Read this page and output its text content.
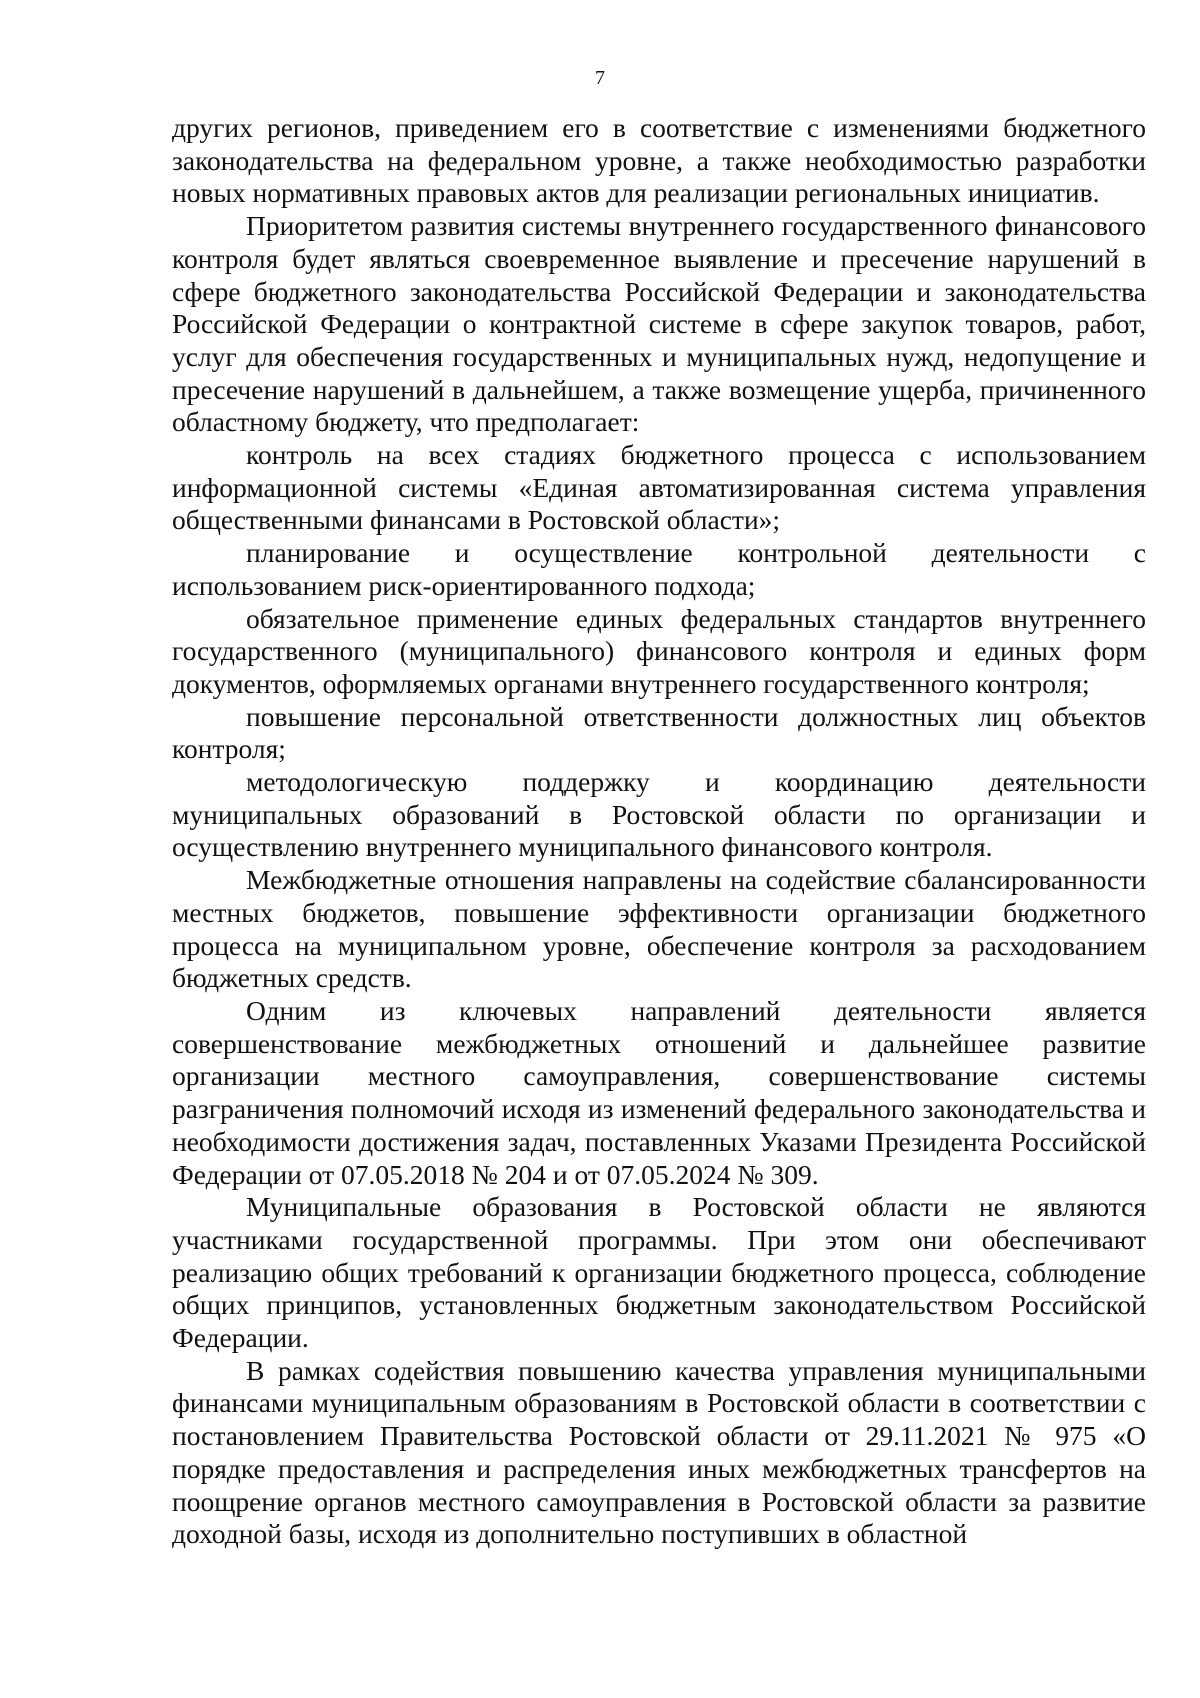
7

других регионов, приведением его в соответствие с изменениями бюджетного законодательства на федеральном уровне, а также необходимостью разработки новых нормативных правовых актов для реализации региональных инициатив.

Приоритетом развития системы внутреннего государственного финансового контроля будет являться своевременное выявление и пресечение нарушений в сфере бюджетного законодательства Российской Федерации и законодательства Российской Федерации о контрактной системе в сфере закупок товаров, работ, услуг для обеспечения государственных и муниципальных нужд, недопущение и пресечение нарушений в дальнейшем, а также возмещение ущерба, причиненного областному бюджету, что предполагает:

контроль на всех стадиях бюджетного процесса с использованием информационной системы «Единая автоматизированная система управления общественными финансами в Ростовской области»;

планирование и осуществление контрольной деятельности с использованием риск-ориентированного подхода;

обязательное применение единых федеральных стандартов внутреннего государственного (муниципального) финансового контроля и единых форм документов, оформляемых органами внутреннего государственного контроля;

повышение персональной ответственности должностных лиц объектов контроля;

методологическую поддержку и координацию деятельности муниципальных образований в Ростовской области по организации и осуществлению внутреннего муниципального финансового контроля.

Межбюджетные отношения направлены на содействие сбалансированности местных бюджетов, повышение эффективности организации бюджетного процесса на муниципальном уровне, обеспечение контроля за расходованием бюджетных средств.

Одним из ключевых направлений деятельности является совершенствование межбюджетных отношений и дальнейшее развитие организации местного самоуправления, совершенствование системы разграничения полномочий исходя из изменений федерального законодательства и необходимости достижения задач, поставленных Указами Президента Российской Федерации от 07.05.2018 № 204 и от 07.05.2024 № 309.

Муниципальные образования в Ростовской области не являются участниками государственной программы. При этом они обеспечивают реализацию общих требований к организации бюджетного процесса, соблюдение общих принципов, установленных бюджетным законодательством Российской Федерации.

В рамках содействия повышению качества управления муниципальными финансами муниципальным образованиям в Ростовской области в соответствии с постановлением Правительства Ростовской области от 29.11.2021 № 975 «О порядке предоставления и распределения иных межбюджетных трансфертов на поощрение органов местного самоуправления в Ростовской области за развитие доходной базы, исходя из дополнительно поступивших в областной
